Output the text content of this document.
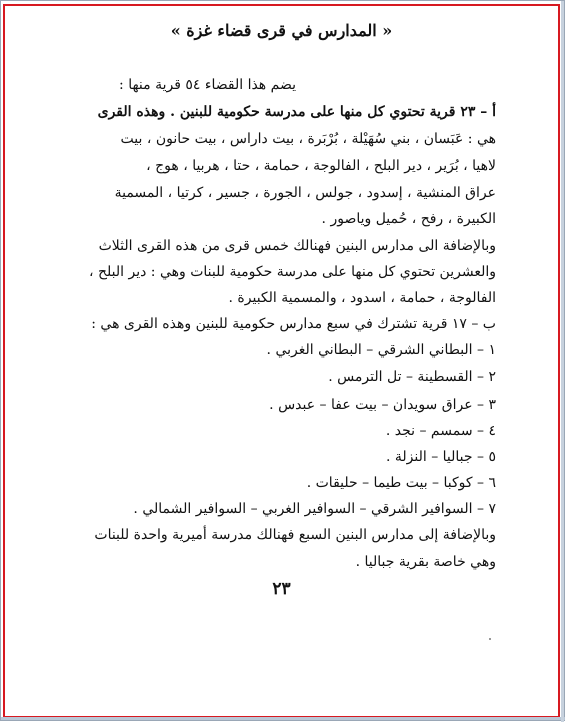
« المدارس في قرى قضاء غزة »
يضم هذا القضاء ٥٤ قرية منها :
أ – ٢٣ قرية تحتوي كل منها على مدرسة حكومية للبنين . وهذه القرى
هي : عَبَسان ، بني سُهَيْلة ، بُرْبَرة ، بيت داراس ، بيت حانون ، بيت
لاهيا ، بُرَير ، دير البلح ، الفالوجة ، حمامة ، حتا ، هربيا ، هوج ،
عراق المنشية ، إسدود ، جولس ، الجورة ، جسير ، كرتيا ، المسمية
الكبيرة ، رفح ، حُميل وياصور .
وبالإضافة الى مدارس البنين فهنالك خمس قرى من هذه القرى الثلاث
والعشرين تحتوي كل منها على مدرسة حكومية للبنات وهي : دير البلح ،
الفالوجة ، حمامة ، اسدود ، والمسمية الكبيرة .
ب – ١٧ قرية تشترك في سبع مدارس حكومية للبنين وهذه القرى هي :
١ – البطاني الشرقي – البطاني الغربي .
٢ – القسطينة – تل الترمس .
٣ – عراق سويدان – بيت عفا – عبدس .
٤ – سمسم – نجد .
٥ – جباليا – النزلة .
٦ – كوكبا – بيت طيما – حليقات .
٧ – السوافير الشرقي – السوافير الغربي – السوافير الشمالي .
وبالإضافة إلى مدارس البنين السبع فهنالك مدرسة أميرية واحدة للبنات
وهي خاصة بقرية جباليا .
٢٣
